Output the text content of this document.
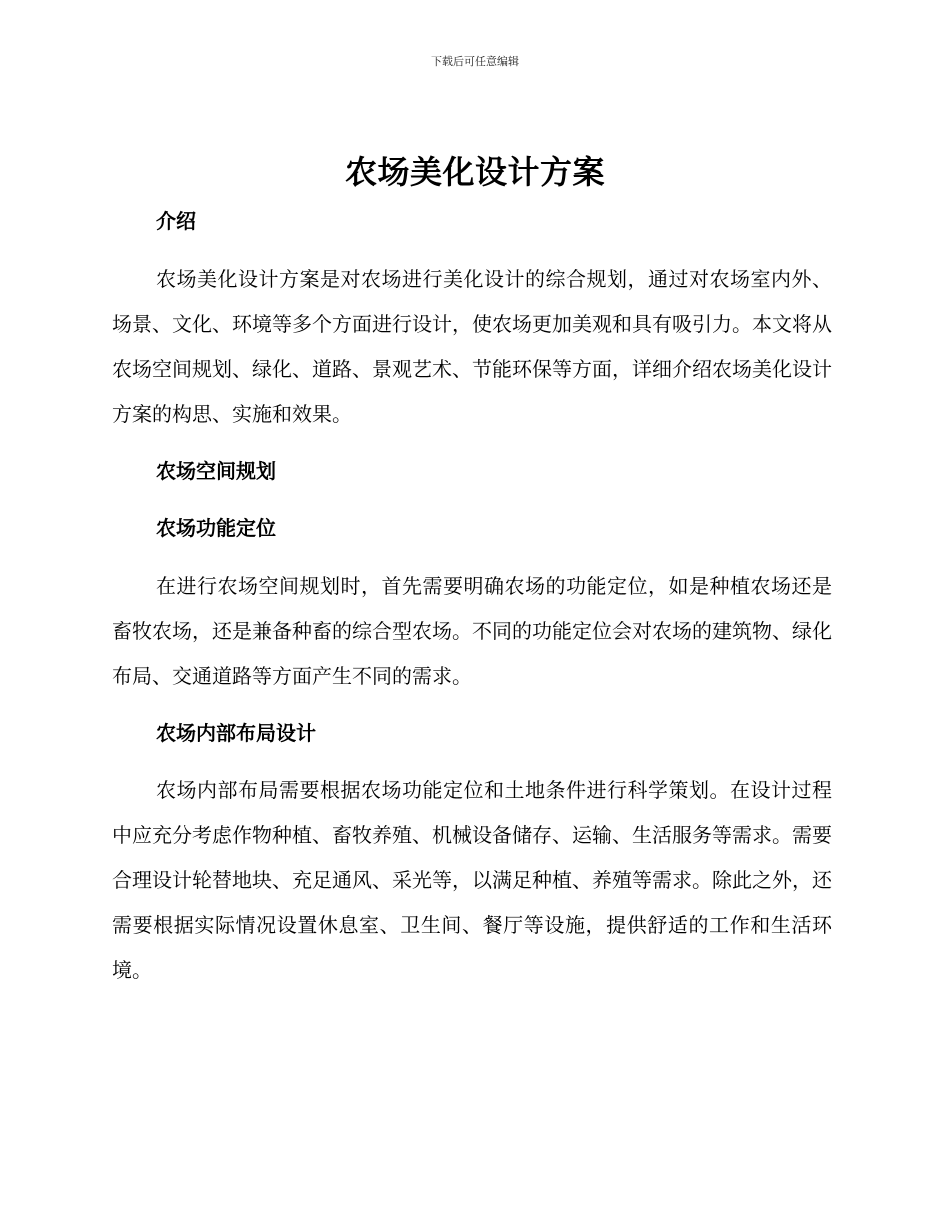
下载后可任意编辑
农场美化设计方案
介绍

农场美化设计方案是对农场进行美化设计的综合规划，通过对农场室内外、场景、文化、环境等多个方面进行设计，使农场更加美观和具有吸引力。本文将从农场空间规划、绿化、道路、景观艺术、节能环保等方面，详细介绍农场美化设计方案的构思、实施和效果。

农场空间规划
农场功能定位

在进行农场空间规划时，首先需要明确农场的功能定位，如是种植农场还是畜牧农场，还是兼备种畜的综合型农场。不同的功能定位会对农场的建筑物、绿化布局、交通道路等方面产生不同的需求。

农场内部布局设计

农场内部布局需要根据农场功能定位和土地条件进行科学策划。在设计过程中应充分考虑作物种植、畜牧养殖、机械设备储存、运输、生活服务等需求。需要合理设计轮替地块、充足通风、采光等，以满足种植、养殖等需求。除此之外，还需要根据实际情况设置休息室、卫生间、餐厅等设施，提供舒适的工作和生活环境。
